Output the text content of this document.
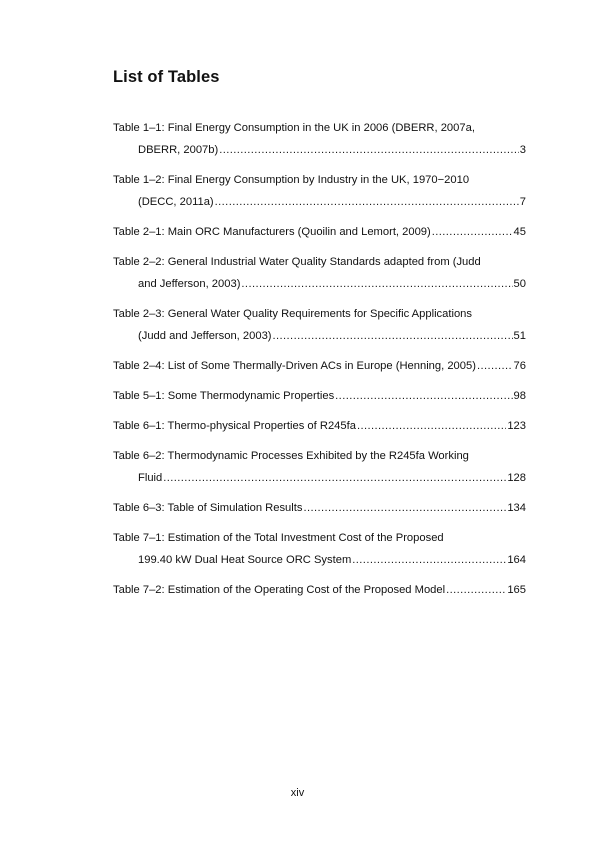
List of Tables
Table 1–1: Final Energy Consumption in the UK in 2006 (DBERR, 2007a,
DBERR, 2007b) .....	3
Table 1–2: Final Energy Consumption by Industry in the UK, 1970−2010
(DECC, 2011a) .....	7
Table 2–1: Main ORC Manufacturers (Quoilin and Lemort, 2009) .....	45
Table 2–2: General Industrial Water Quality Standards adapted from (Judd
and Jefferson, 2003) .....	50
Table 2–3: General Water Quality Requirements for Specific Applications
(Judd and Jefferson, 2003) .....	51
Table 2–4: List of Some Thermally-Driven ACs in Europe (Henning, 2005) .....	76
Table 5–1: Some Thermodynamic Properties .....	98
Table 6–1: Thermo-physical Properties of R245fa .....	123
Table 6–2: Thermodynamic Processes Exhibited by the R245fa Working
Fluid .....	128
Table 6–3: Table of Simulation Results .....	134
Table 7–1: Estimation of the Total Investment Cost of the Proposed
199.40 kW Dual Heat Source ORC System .....	164
Table 7–2: Estimation of the Operating Cost of the Proposed Model .....	165
xiv
